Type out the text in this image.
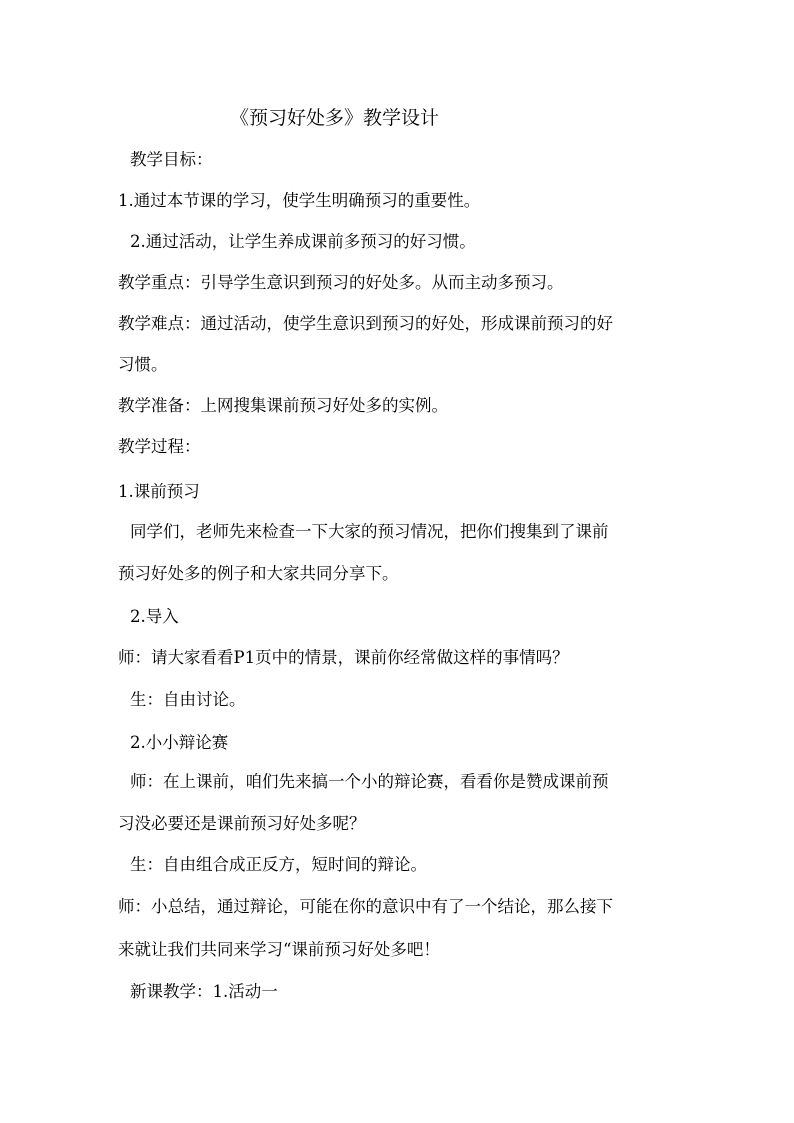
《预习好处多》教学设计
教学目标：
1.通过本节课的学习，使学生明确预习的重要性。
2.通过活动，让学生养成课前多预习的好习惯。
教学重点：引导学生意识到预习的好处多。从而主动多预习。
教学难点：通过活动，使学生意识到预习的好处，形成课前预习的好
习惯。
教学准备：上网搜集课前预习好处多的实例。
教学过程：
1.课前预习
同学们，老师先来检查一下大家的预习情况，把你们搜集到了课前
预习好处多的例子和大家共同分享下。
2.导入
师：请大家看看P1页中的情景，课前你经常做这样的事情吗？
生：自由讨论。
2.小小辩论赛
师：在上课前，咱们先来搞一个小的辩论赛，看看你是赞成课前预
习没必要还是课前预习好处多呢？
生：自由组合成正反方，短时间的辩论。
师：小总结，通过辩论，可能在你的意识中有了一个结论，那么接下
来就让我们共同来学习“课前预习好处多吧！
新课教学：1.活动一
